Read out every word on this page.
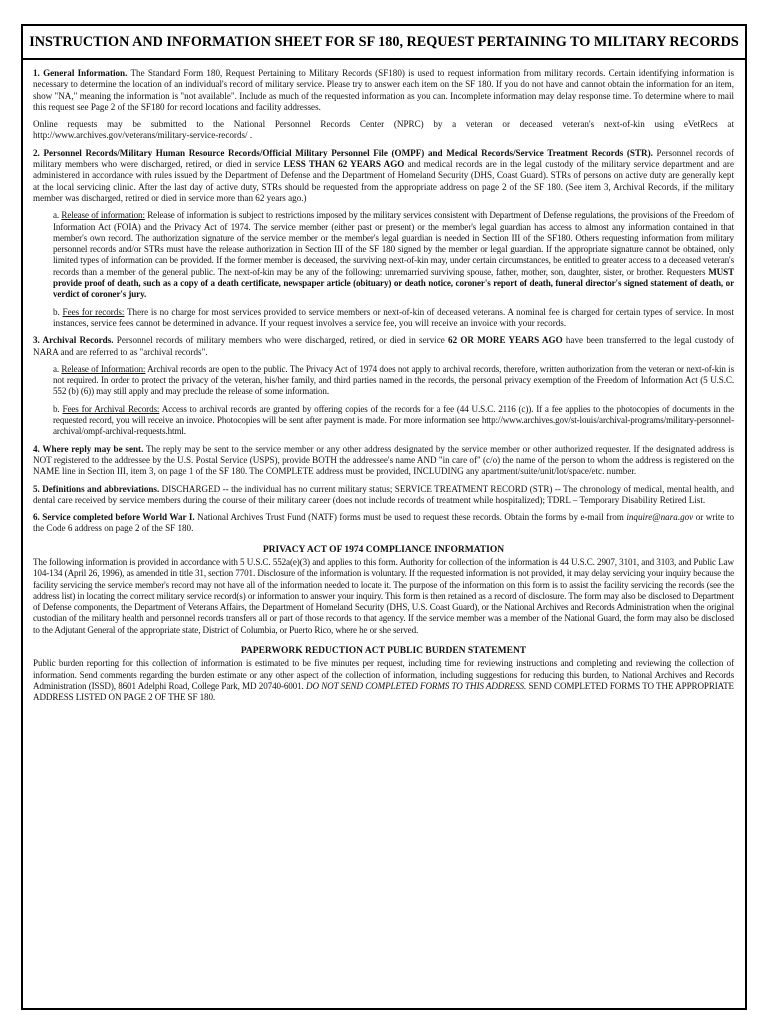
INSTRUCTION AND INFORMATION SHEET FOR SF 180, REQUEST PERTAINING TO MILITARY RECORDS

1. General Information. The Standard Form 180, Request Pertaining to Military Records (SF180) is used to request information from military records. Certain identifying information is necessary to determine the location of an individual's record of military service. Please try to answer each item on the SF 180. If you do not have and cannot obtain the information for an item, show "NA," meaning the information is "not available". Include as much of the requested information as you can. Incomplete information may delay response time. To determine where to mail this request see Page 2 of the SF180 for record locations and facility addresses.

Online requests may be submitted to the National Personnel Records Center (NPRC) by a veteran or deceased veteran's next-of-kin using eVetRecs at http://www.archives.gov/veterans/military-service-records/ .

2. Personnel Records/Military Human Resource Records/Official Military Personnel File (OMPF) and Medical Records/Service Treatment Records (STR). Personnel records of military members who were discharged, retired, or died in service LESS THAN 62 YEARS AGO and medical records are in the legal custody of the military service department and are administered in accordance with rules issued by the Department of Defense and the Department of Homeland Security (DHS, Coast Guard). STRs of persons on active duty are generally kept at the local servicing clinic. After the last day of active duty, STRs should be requested from the appropriate address on page 2 of the SF 180. (See item 3, Archival Records, if the military member was discharged, retired or died in service more than 62 years ago.)

a. Release of information: Release of information is subject to restrictions imposed by the military services consistent with Department of Defense regulations, the provisions of the Freedom of Information Act (FOIA) and the Privacy Act of 1974. The service member (either past or present) or the member's legal guardian has access to almost any information contained in that member's own record. The authorization signature of the service member or the member's legal guardian is needed in Section III of the SF180. Others requesting information from military personnel records and/or STRs must have the release authorization in Section III of the SF 180 signed by the member or legal guardian. If the appropriate signature cannot be obtained, only limited types of information can be provided. If the former member is deceased, the surviving next-of-kin may, under certain circumstances, be entitled to greater access to a deceased veteran's records than a member of the general public. The next-of-kin may be any of the following: unremarried surviving spouse, father, mother, son, daughter, sister, or brother. Requesters MUST provide proof of death, such as a copy of a death certificate, newspaper article (obituary) or death notice, coroner's report of death, funeral director's signed statement of death, or verdict of coroner's jury.

b. Fees for records: There is no charge for most services provided to service members or next-of-kin of deceased veterans. A nominal fee is charged for certain types of service. In most instances, service fees cannot be determined in advance. If your request involves a service fee, you will receive an invoice with your records.

3. Archival Records. Personnel records of military members who were discharged, retired, or died in service 62 OR MORE YEARS AGO have been transferred to the legal custody of NARA and are referred to as "archival records".

a. Release of Information: Archival records are open to the public. The Privacy Act of 1974 does not apply to archival records, therefore, written authorization from the veteran or next-of-kin is not required. In order to protect the privacy of the veteran, his/her family, and third parties named in the records, the personal privacy exemption of the Freedom of Information Act (5 U.S.C. 552 (b) (6)) may still apply and may preclude the release of some information.

b. Fees for Archival Records: Access to archival records are granted by offering copies of the records for a fee (44 U.S.C. 2116 (c)). If a fee applies to the photocopies of documents in the requested record, you will receive an invoice. Photocopies will be sent after payment is made. For more information see http://www.archives.gov/st-louis/archival-programs/military-personnel-archival/ompf-archival-requests.html.

4. Where reply may be sent. The reply may be sent to the service member or any other address designated by the service member or other authorized requester. If the designated address is NOT registered to the addressee by the U.S. Postal Service (USPS), provide BOTH the addressee's name AND "in care of" (c/o) the name of the person to whom the address is registered on the NAME line in Section III, item 3, on page 1 of the SF 180. The COMPLETE address must be provided, INCLUDING any apartment/suite/unit/lot/space/etc. number.

5. Definitions and abbreviations. DISCHARGED -- the individual has no current military status; SERVICE TREATMENT RECORD (STR) -- The chronology of medical, mental health, and dental care received by service members during the course of their military career (does not include records of treatment while hospitalized); TDRL – Temporary Disability Retired List.

6. Service completed before World War I. National Archives Trust Fund (NATF) forms must be used to request these records. Obtain the forms by e-mail from inquire@nara.gov or write to the Code 6 address on page 2 of the SF 180.

PRIVACY ACT OF 1974 COMPLIANCE INFORMATION

The following information is provided in accordance with 5 U.S.C. 552a(e)(3) and applies to this form. Authority for collection of the information is 44 U.S.C. 2907, 3101, and 3103, and Public Law 104-134 (April 26, 1996), as amended in title 31, section 7701. Disclosure of the information is voluntary. If the requested information is not provided, it may delay servicing your inquiry because the facility servicing the service member's record may not have all of the information needed to locate it. The purpose of the information on this form is to assist the facility servicing the records (see the address list) in locating the correct military service record(s) or information to answer your inquiry. This form is then retained as a record of disclosure. The form may also be disclosed to Department of Defense components, the Department of Veterans Affairs, the Department of Homeland Security (DHS, U.S. Coast Guard), or the National Archives and Records Administration when the original custodian of the military health and personnel records transfers all or part of those records to that agency. If the service member was a member of the National Guard, the form may also be disclosed to the Adjutant General of the appropriate state, District of Columbia, or Puerto Rico, where he or she served.

PAPERWORK REDUCTION ACT PUBLIC BURDEN STATEMENT

Public burden reporting for this collection of information is estimated to be five minutes per request, including time for reviewing instructions and completing and reviewing the collection of information. Send comments regarding the burden estimate or any other aspect of the collection of information, including suggestions for reducing this burden, to National Archives and Records Administration (ISSD), 8601 Adelphi Road, College Park, MD 20740-6001. DO NOT SEND COMPLETED FORMS TO THIS ADDRESS. SEND COMPLETED FORMS TO THE APPROPRIATE ADDRESS LISTED ON PAGE 2 OF THE SF 180.
